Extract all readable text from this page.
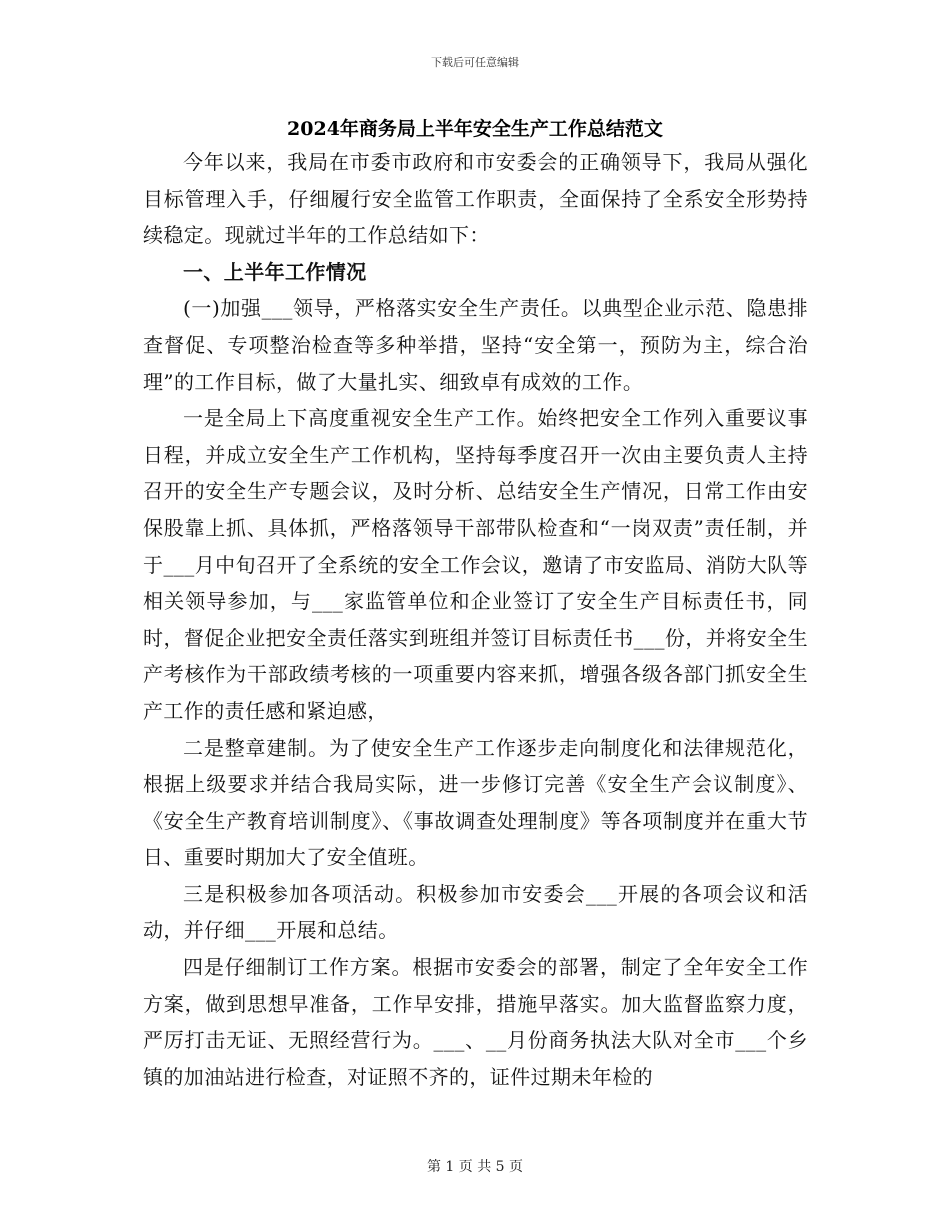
下载后可任意编辑
2024年商务局上半年安全生产工作总结范文

今年以来，我局在市委市政府和市安委会的正确领导下，我局从强化目标管理入手，仔细履行安全监管工作职责，全面保持了全系安全形势持续稳定。现就过半年的工作总结如下：

一、上半年工作情况

(一)加强___领导，严格落实安全生产责任。以典型企业示范、隐患排查督促、专项整治检查等多种举措，坚持“安全第一，预防为主，综合治理”的工作目标，做了大量扎实、细致卓有成效的工作。

一是全局上下高度重视安全生产工作。始终把安全工作列入重要议事日程，并成立安全生产工作机构，坚持每季度召开一次由主要负责人主持召开的安全生产专题会议，及时分析、总结安全生产情况，日常工作由安保股靠上抓、具体抓，严格落领导干部带队检查和“一岗双责”责任制，并于___月中旬召开了全系统的安全工作会议，邀请了市安监局、消防大队等相关领导参加，与___家监管单位和企业签订了安全生产目标责任书，同时，督促企业把安全责任落实到班组并签订目标责任书___份，并将安全生产考核作为干部政绩考核的一项重要内容来抓，增强各级各部门抓安全生产工作的责任感和紧迫感，

二是整章建制。为了使安全生产工作逐步走向制度化和法律规范化，根据上级要求并结合我局实际，进一步修订完善《安全生产会议制度》、《安全生产教育培训制度》、《事故调查处理制度》等各项制度并在重大节日、重要时期加大了安全值班。

三是积极参加各项活动。积极参加市安委会___开展的各项会议和活动，并仔细___开展和总结。

四是仔细制订工作方案。根据市安委会的部署，制定了全年安全工作方案，做到思想早准备，工作早安排，措施早落实。加大监督监察力度，严厉打击无证、无照经营行为。___、__月份商务执法大队对全市___个乡镇的加油站进行检查，对证照不齐的，证件过期未年检的

第 1 页 共 5 页
